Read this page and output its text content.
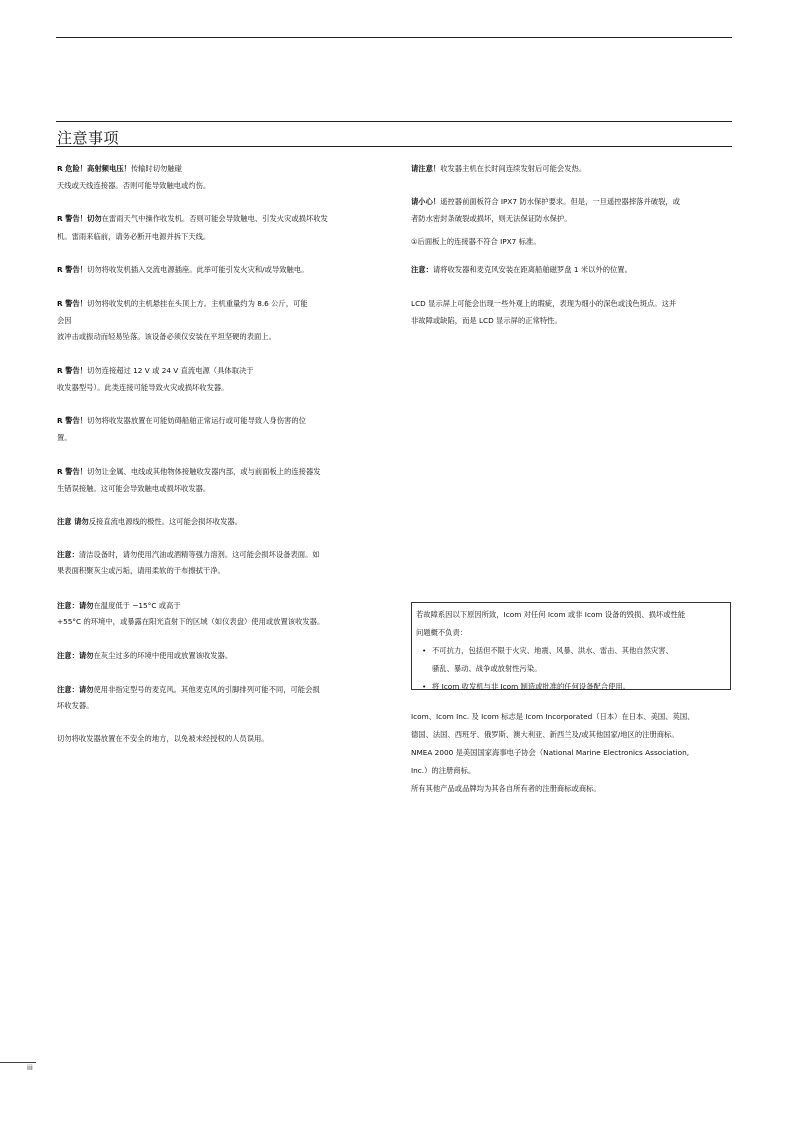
注意事项

R 危险！高射频电压！传输时切勿触碰

天线或天线连接器。否则可能导致触电或灼伤。

R 警告！切勿在雷雨天气中操作收发机。否则可能会导致触电、引发火灾或损坏收发

机。雷雨来临前，请务必断开电源并拆下天线。

R 警告！切勿将收发机插入交流电源插座。此举可能引发火灾和/或导致触电。

R 警告！切勿将收发机的主机悬挂在头顶上方。主机重量约为 8.6 公斤，可能

会因

波冲击或振动而轻易坠落。该设备必须仅安装在平坦坚硬的表面上。

R 警告！切勿连接超过 12 V 或 24 V 直流电源（具体取决于

收发器型号）。此类连接可能导致火灾或损坏收发器。

R 警告！切勿将收发器放置在可能妨碍船舶正常运行或可能导致人身伤害的位

置。

R 警告！切勿让金属、电线或其他物体接触收发器内部，或与前面板上的连接器发

生错误接触。这可能会导致触电或损坏收发器。

注意 请勿反接直流电源线的极性。这可能会损坏收发器。

注意：清洁设备时，请勿使用汽油或酒精等强力溶剂。这可能会损坏设备表面。如

果表面积聚灰尘或污垢，请用柔软的干布擦拭干净。

注意：请勿在温度低于 −15°C 或高于

+55°C 的环境中，或暴露在阳光直射下的区域（如仪表盘）使用或放置该收发器。

注意：请勿在灰尘过多的环境中使用或放置该收发器。

注意：请勿使用非指定型号的麦克风。其他麦克风的引脚排列可能不同，可能会损

坏收发器。

切勿将收发器放置在不安全的地方，以免被未经授权的人员误用。

请注意！收发器主机在长时间连续发射后可能会发热。

请小心！遥控器前面板符合 IPX7 防水保护要求。但是，一旦遥控器摔落并破裂，或

者防水密封条破裂或损坏，则无法保证防水保护。

①后面板上的连接器不符合 IPX7 标准。

注意：请将收发器和麦克风安装在距离船舶磁罗盘 1 米以外的位置。

LCD 显示屏上可能会出现一些外观上的瑕疵，表现为细小的深色或浅色斑点。这并

非故障或缺陷，而是 LCD 显示屏的正常特性。

若故障系因以下原因所致，Icom 对任何 Icom 或非 Icom 设备的毁损、损坏或性能
问题概不负责：
• 不可抗力，包括但不限于火灾、地震、风暴、洪水、雷击、其他自然灾害、
骚乱、暴动、战争或放射性污染。
• 将 Icom 收发机与非 Icom 制造或批准的任何设备配合使用。
Icom、Icom Inc. 及 Icom 标志是 Icom Incorporated（日本）在日本、美国、英国、
德国、法国、西班牙、俄罗斯、澳大利亚、新西兰及/或其他国家/地区的注册商标。
NMEA 2000 是美国国家海事电子协会（National Marine Electronics Association,
Inc.）的注册商标。
所有其他产品或品牌均为其各自所有者的注册商标或商标。
iii
